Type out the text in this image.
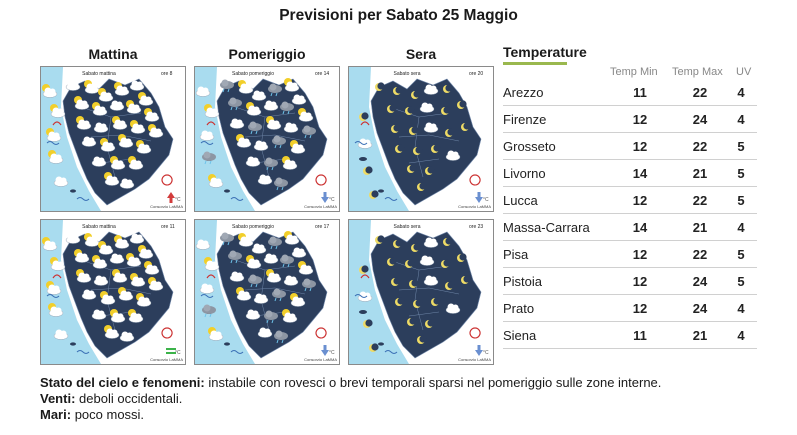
Previsioni per Sabato 25 Maggio
Mattina	Pomeriggio	Sera
°C
Sabato mattina	ore 8
Consorzio LaMMA
°C
Sabato pomeriggio	ore 14
Consorzio LaMMA
°C
Sabato sera	ore 20
Consorzio LaMMA
°C
Sabato mattina	ore 11
Consorzio LaMMA
°C
Sabato pomeriggio	ore 17
Consorzio LaMMA
°C
Sabato sera	ore 23
Consorzio LaMMA
Temperature
Temp Min Temp Max UV
Arezzo	11	22	4
Firenze	12	24	4
Grosseto	12	22	5
Livorno	14	21	5
Lucca	12	22	5
Massa-Carrara	14	21	4
Pisa	12	22	5
Pistoia	12	24	5
Prato	12	24	4
Siena	11	21	4
Stato del cielo e fenomeni: instabile con rovesci o brevi temporali sparsi nel pomeriggio sulle zone interne.
Venti: deboli occidentali.
Mari: poco mossi.
